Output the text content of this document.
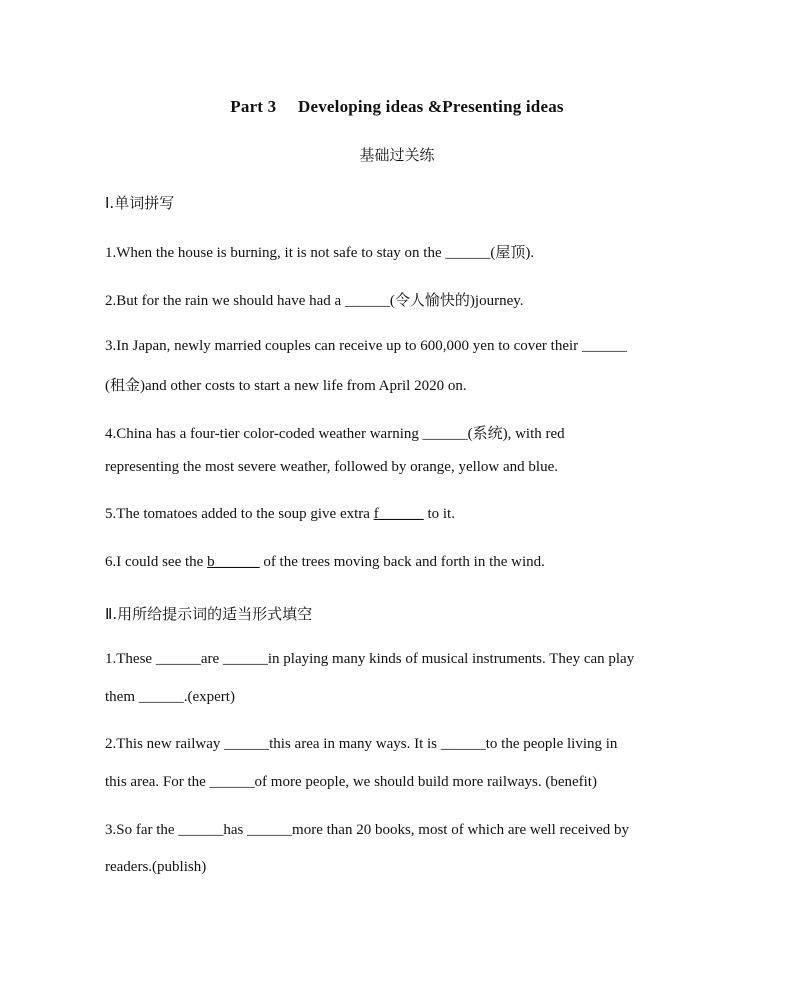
Part 3　 Developing ideas &Presenting ideas
基础过关练
Ⅰ.单词拼写
1.When the house is burning, it is not safe to stay on the ______(屋顶).
2.But for the rain we should have had a ______(令人愉快的)journey.
3.In Japan, newly married couples can receive up to 600,000 yen to cover their ______
(租金)and other costs to start a new life from April 2020 on.
4.China has a four-tier color-coded weather warning ______(系统), with red
representing the most severe weather, followed by orange, yellow and blue.
5.The tomatoes added to the soup give extra f______ to it.
6.I could see the b______ of the trees moving back and forth in the wind.
Ⅱ.用所给提示词的适当形式填空
1.These ______are ______in playing many kinds of musical instruments. They can play
them ______.(expert)
2.This new railway ______this area in many ways. It is ______to the people living in
this area. For the ______of more people, we should build more railways. (benefit)
3.So far the ______has ______more than 20 books, most of which are well received by
readers.(publish)
